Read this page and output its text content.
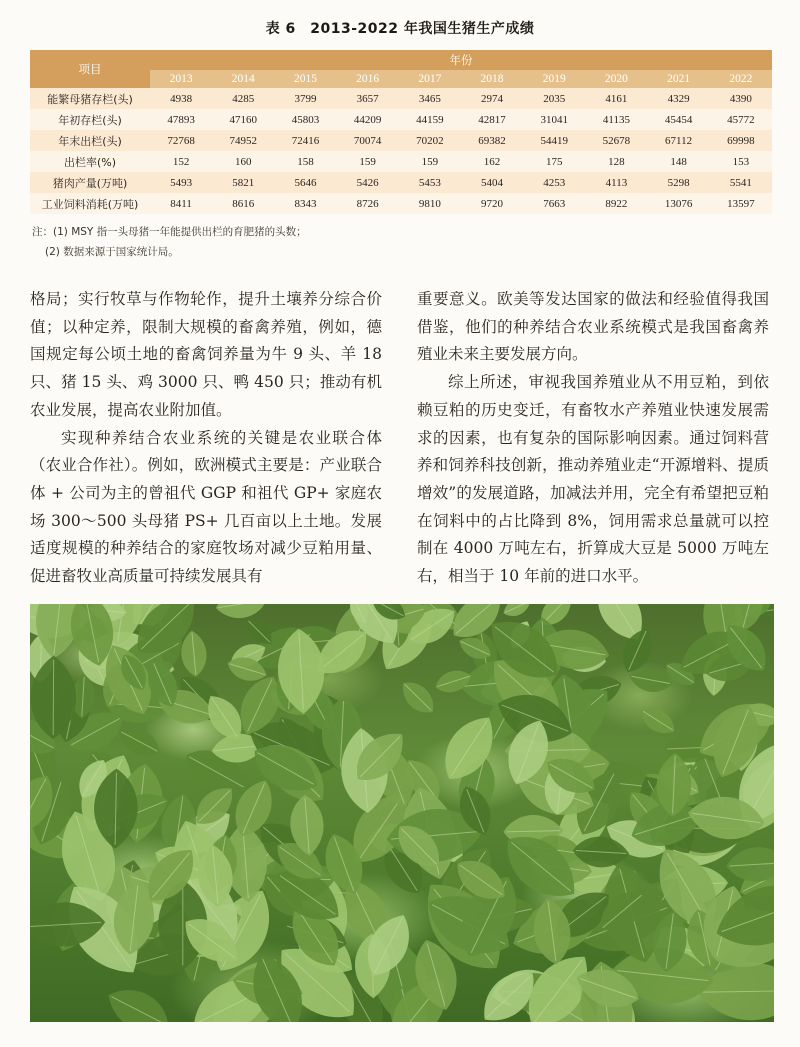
表 6　2013-2022 年我国生猪生产成绩
项目	年份									
	2013	2014	2015	2016	2017	2018	2019	2020	2021	2022
能繁母猪存栏(头)	4938	4285	3799	3657	3465	2974	2035	4161	4329	4390
年初存栏(头)	47893	47160	45803	44209	44159	42817	31041	41135	45454	45772
年末出栏(头)	72768	74952	72416	70074	70202	69382	54419	52678	67112	69998
出栏率(%)	152	160	158	159	159	162	175	128	148	153
猪肉产量(万吨)	5493	5821	5646	5426	5453	5404	4253	4113	5298	5541
工业饲料消耗(万吨)	8411	8616	8343	8726	9810	9720	7663	8922	13076	13597
注：(1) MSY 指一头母猪一年能提供出栏的育肥猪的头数；
(2) 数据来源于国家统计局。

格局；实行牧草与作物轮作，提升土壤养分综合价值；以种定养，限制大规模的畜禽养殖，例如，德国规定每公顷土地的畜禽饲养量为牛 9 头、羊 18 只、猪 15 头、鸡 3000 只、鸭 450 只；推动有机农业发展，提高农业附加值。

实现种养结合农业系统的关键是农业联合体（农业合作社）。例如，欧洲模式主要是：产业联合体 + 公司为主的曾祖代 GGP 和祖代 GP+ 家庭农场 300～500 头母猪 PS+ 几百亩以上土地。发展适度规模的种养结合的家庭牧场对减少豆粕用量、促进畜牧业高质量可持续发展具有

重要意义。欧美等发达国家的做法和经验值得我国借鉴，他们的种养结合农业系统模式是我国畜禽养殖业未来主要发展方向。

综上所述，审视我国养殖业从不用豆粕，到依赖豆粕的历史变迁，有畜牧水产养殖业快速发展需求的因素，也有复杂的国际影响因素。通过饲料营养和饲养科技创新，推动养殖业走“开源增料、提质增效”的发展道路，加减法并用，完全有希望把豆粕在饲料中的占比降到 8%，饲用需求总量就可以控制在 4000 万吨左右，折算成大豆是 5000 万吨左右，相当于 10 年前的进口水平。
